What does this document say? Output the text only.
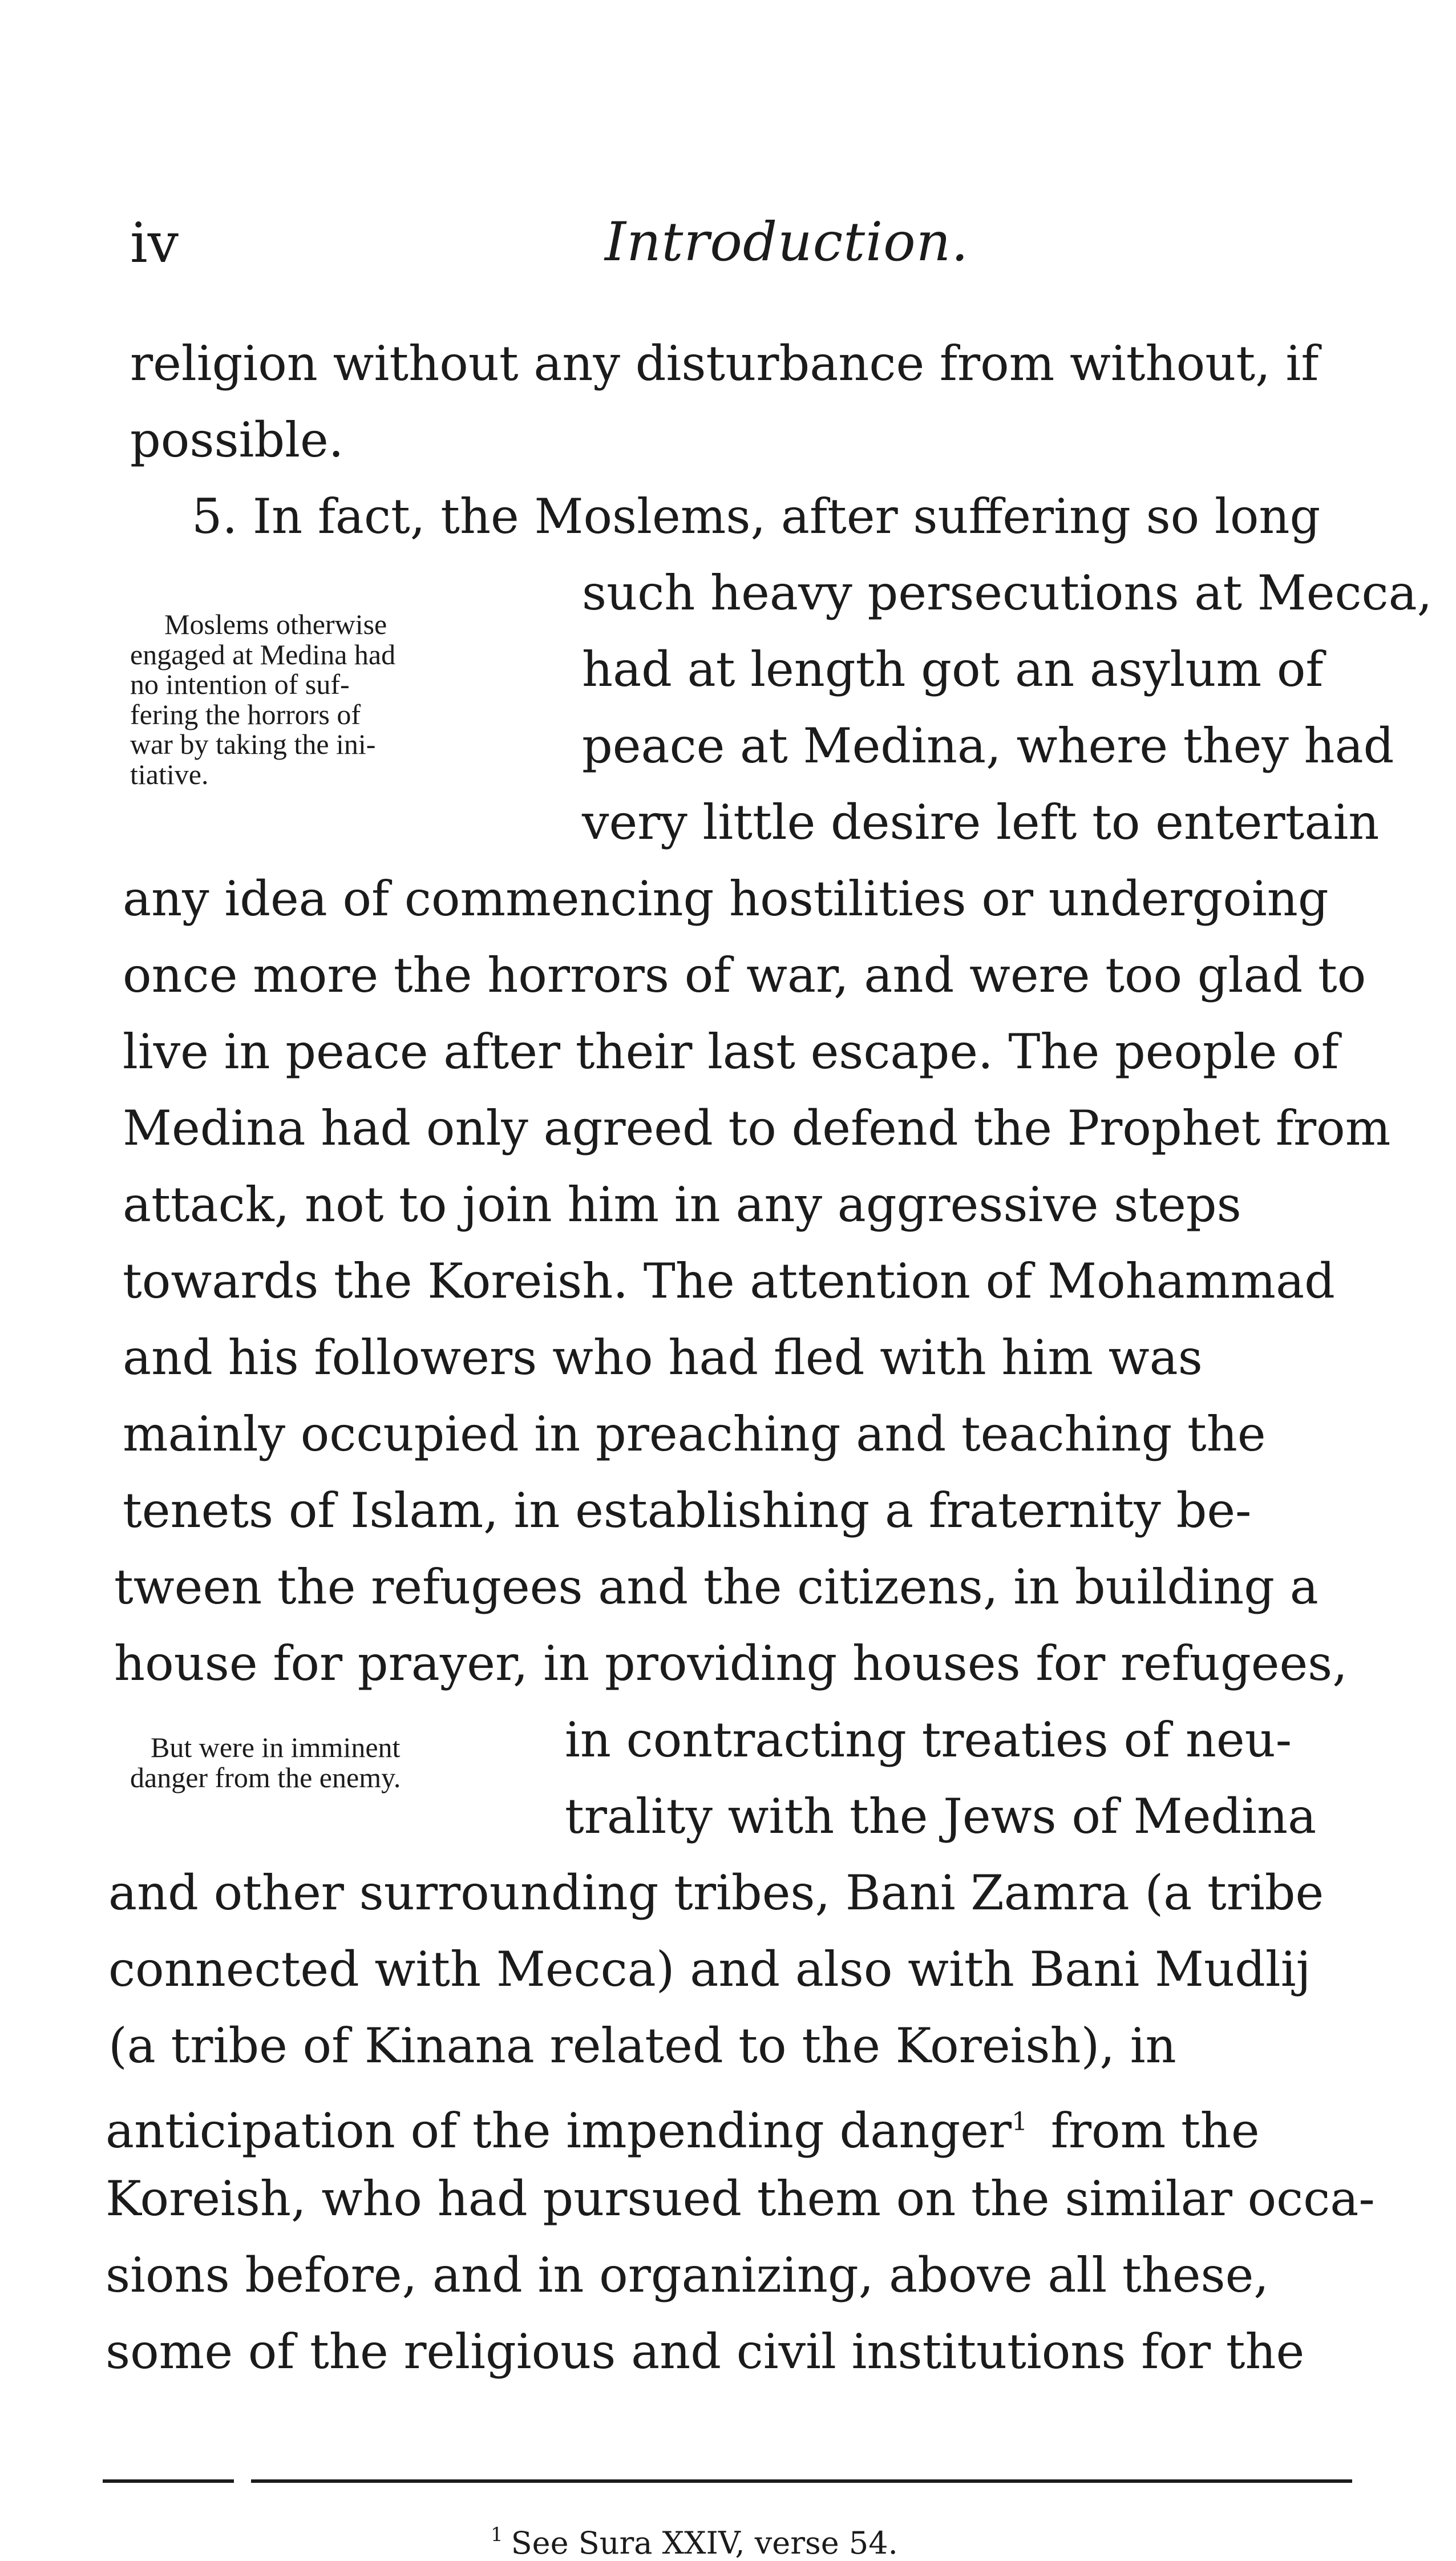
iv	Introduction.
Moslems otherwise
engaged at Medina had
no intention of suf-
fering the horrors of
war by taking the ini-
tiative.
But were in imminent
danger from the enemy.
religion without any disturbance from without, if
possible.
5. In fact, the Moslems, after suffering so long
such heavy persecutions at Mecca,
had at length got an asylum of
peace at Medina, where they had
very little desire left to entertain
any idea of commencing hostilities or undergoing
once more the horrors of war, and were too glad to
live in peace after their last escape. The people of
Medina had only agreed to defend the Prophet from
attack, not to join him in any aggressive steps
towards the Koreish. The attention of Mohammad
and his followers who had fled with him was
mainly occupied in preaching and teaching the
tenets of Islam, in establishing a fraternity be-
tween the refugees and the citizens, in building a
house for prayer, in providing houses for refugees,
in contracting treaties of neu-
trality with the Jews of Medina
and other surrounding tribes, Bani Zamra (a tribe
connected with Mecca) and also with Bani Mudlij
(a tribe of Kinana related to the Koreish), in
anticipation of the impending danger$^1$ from the
Koreish, who had pursued them on the similar occa-
sions before, and in organizing, above all these,
some of the religious and civil institutions for the
$^1$ See Sura XXIV, verse 54.
